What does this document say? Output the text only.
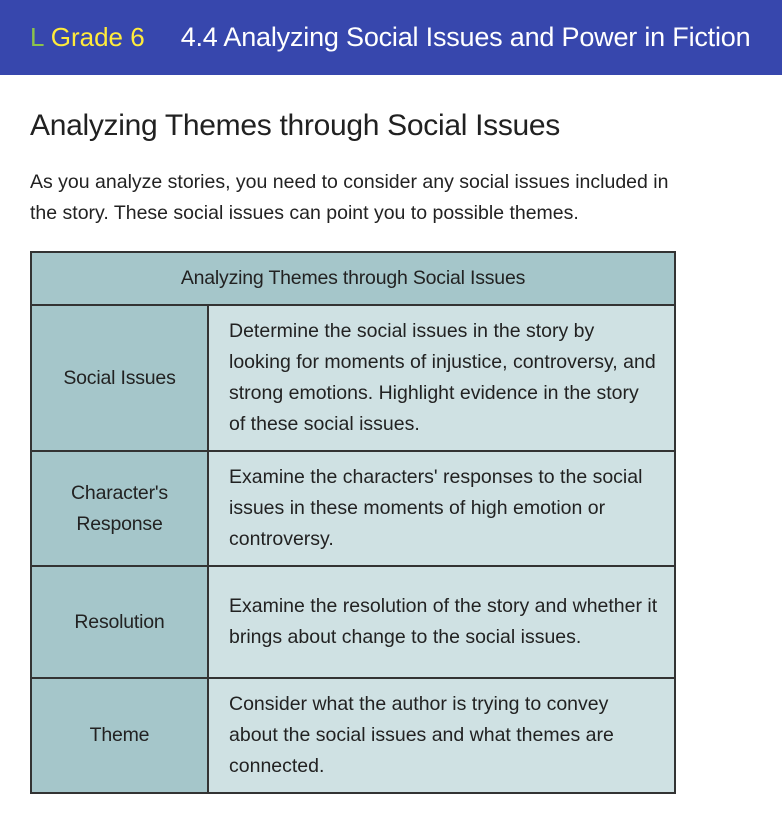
L Grade 6 4.4 Analyzing Social Issues and Power in Fiction
Analyzing Themes through Social Issues

As you analyze stories, you need to consider any social issues included in the story. These social issues can point you to possible themes.

Analyzing Themes through Social Issues	
Social Issues	Determine the social issues in the story by looking for moments of injustice, controversy, and strong emotions. Highlight evidence in the story of these social issues.
Character's Response	Examine the characters' responses to the social issues in these moments of high emotion or controversy.
Resolution	Examine the resolution of the story and whether it brings about change to the social issues.
Theme	Consider what the author is trying to convey about the social issues and what themes are connected.
